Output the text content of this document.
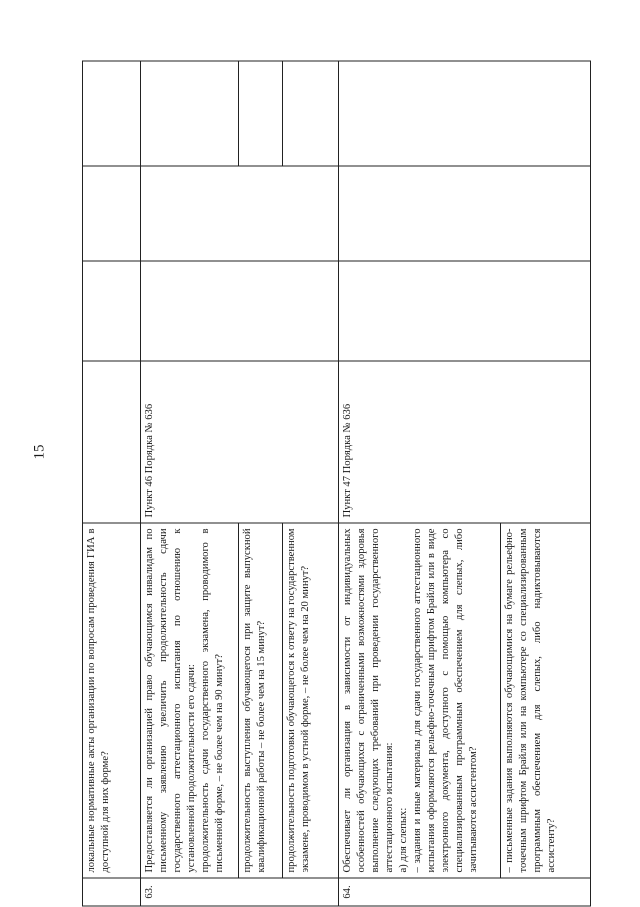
15
	локальные нормативные акты организации по вопросам проведения ГИА в доступной для них форме?				
63.	Предоставляется ли организацией право обучающимся инвалидам по письменному заявлению увеличить продолжительность сдачи государственного аттестационного испытания по отношению к установленной продолжительности его сдачи: продолжительность сдачи государственного экзамена, проводимого в письменной форме, – не более чем на 90 минут?	Пункт 46 Порядка № 636			
	продолжительность выступления обучающегося при защите выпускной квалификационной работы – не более чем на 15 минут?				
	продолжительность подготовки обучающегося к ответу на государственном экзамене, проводимом в устной форме, – не более чем на 20 минут?				
64.	Обеспечивает ли организация в зависимости от индивидуальных особенностей обучающихся с ограниченными возможностями здоровья выполнение следующих требований при проведении государственного аттестационного испытания: а) для слепых: – задания и иные материалы для сдачи государственного аттестационного испытания оформляются рельефно-точечным шрифтом Брайля или в виде электронного документа, доступного с помощью компьютера со специализированным программным обеспечением для слепых, либо зачитываются ассистентом?	Пункт 47 Порядка № 636			
	– письменные задания выполняются обучающимися на бумаге рельефно-точечным шрифтом Брайля или на компьютере со специализированным программным обеспечением для слепых, либо надиктовываются ассистенту?				
